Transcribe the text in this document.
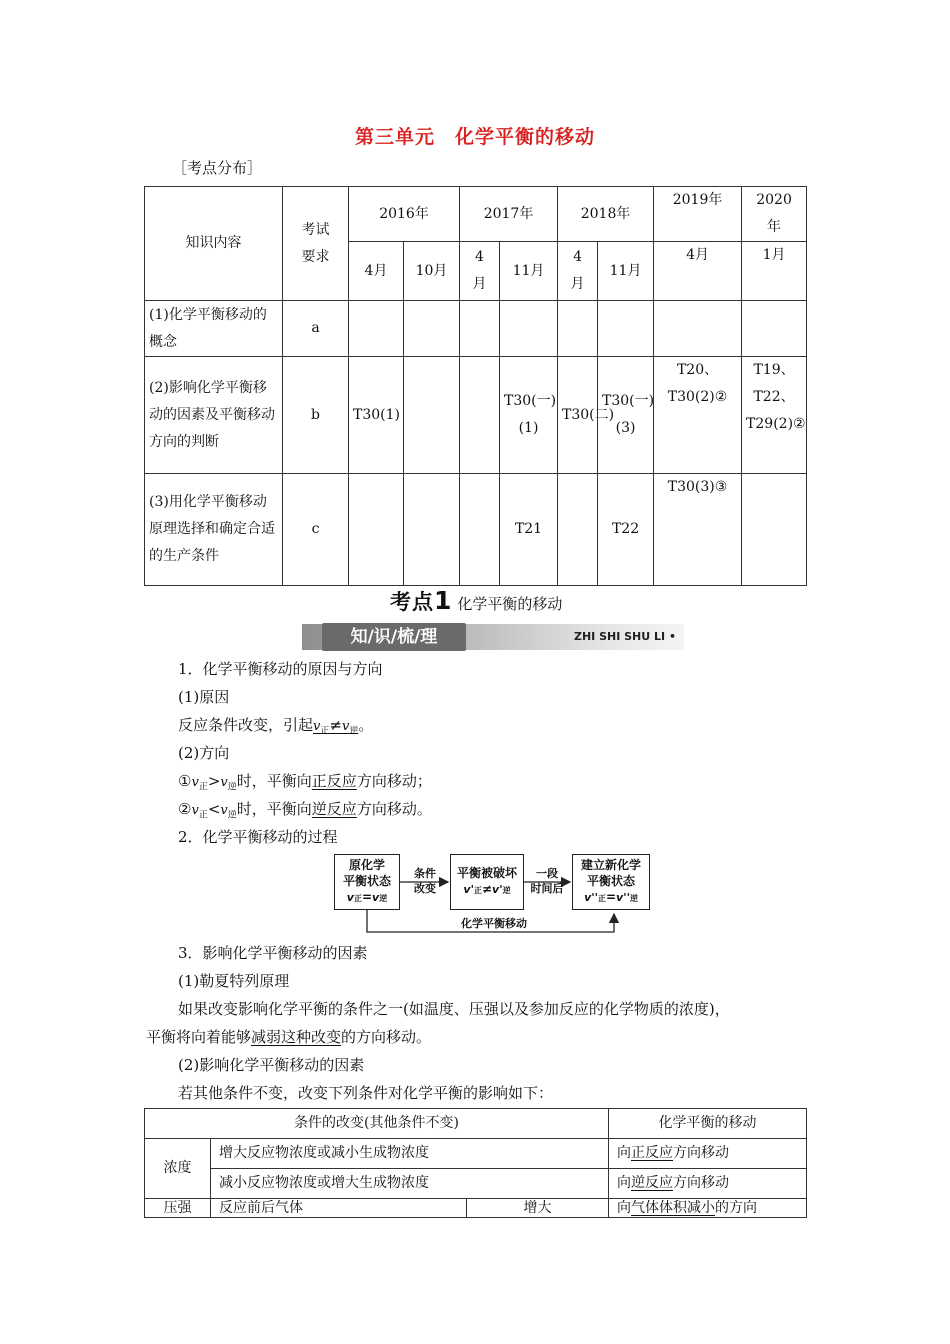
第三单元　化学平衡的移动
［考点分布］
知识内容	考试要求	2016年		2017年		2018年		2019年	2020年
		4月	10月	4月	11月	4月	11月	4月	1月
(1)化学平衡移动的概念	a								
(2)影响化学平衡移动的因素及平衡移动方向的判断	b	T30(1)			T30(一)(1)	T30(二)	T30(一)(3)	T20、T30(2)②	T19、T22、T29(2)②
(3)用化学平衡移动原理选择和确定合适的生产条件	c				T21		T22	T30(3)③	
考点1 化学平衡的移动
知/识/梳/理	ZHI SHI SHU LI •
1．化学平衡移动的原因与方向
(1)原因
反应条件改变，引起$v_正\ne v_逆$。
(2)方向
$①v_正>v_逆$时，平衡向正反应方向移动；
$②v_正<v_逆$时，平衡向逆反应方向移动。
2．化学平衡移动的过程
原化学
平衡状态
v正=v逆
条件
改变
平衡被破坏
v'正≠v'逆
一段
时间后
建立新化学
平衡状态
v''正=v''逆
化学平衡移动
3．影响化学平衡移动的因素
(1)勒夏特列原理
如果改变影响化学平衡的条件之一(如温度、压强以及参加反应的化学物质的浓度)，
平衡将向着能够减弱这种改变的方向移动。
(2)影响化学平衡移动的因素
若其他条件不变，改变下列条件对化学平衡的影响如下：
条件的改变(其他条件不变)			化学平衡的移动
浓度	增大反应物浓度或减小生成物浓度		向正反应方向移动
	减小反应物浓度或增大生成物浓度		向逆反应方向移动
压强	反应前后气体	增大	向气体体积减小的方向
